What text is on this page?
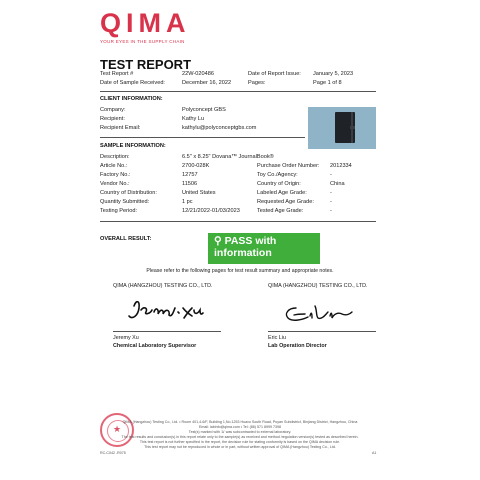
QIMA
YOUR EYES IN THE SUPPLY CHAIN
TEST REPORT
Test Report #	22W-020486	Date of Report Issue: January 5, 2023
Date of Sample Received:	December 16, 2022	Pages:	Page 1 of 8
CLIENT INFORMATION:
Company:	Polyconcept GBS
Recipient:	Kathy Lu
Recipient Email:	kathylu@polyconceptgbs.com
SAMPLE INFORMATION:
Description:	6.5" x 8.25" Dovana™ JournalBook®
Article No.:	2700-028K
Factory No.:	12757
Vendor No.:	11506
Country of Distribution:	United States
Quantity Submitted:	1 pc
Testing Period:	12/21/2022-01/03/2023
Purchase Order Number: 2012334
Toy Co./Agency:	-
Country of Origin:	China
Labeled Age Grade:	-
Requested Age Grade:	-
Tested Age Grade:	-
OVERALL RESULT:	⚲ PASS with information
Please refer to the following pages for test result summary and appropriate notes.
QIMA (HANGZHOU) TESTING CO., LTD.	QIMA (HANGZHOU) TESTING CO., LTD.
Jeremy Xu
Chemical Laboratory Supervisor
Eric Liu
Lab Operation Director
★
QIMA (Hangzhou) Testing Co., Ltd. • Room 401,4-6/F, Building 1,No.1253 Huaxu South Road, Puyan Subdistrict, Binjiang District, Hangzhou, China
Email: labinfo@qima.com • Tel: (86) 571 8999 7398
Test(s) marked with 'Δ' was subcontracted to external laboratory.
The test results and conclusion(s) in this report relate only to the sample(s) as received and method /regulation version(s) tested as described herein.
This test report is not further specified in the report, the decision rule for stating conformity is based on the QIMA decision rule.
This test report may not be reproduced in whole or in part, without written approval of QIMA (Hangzhou) Testing Co., Ltd.
RC-C042 -R075	A1
